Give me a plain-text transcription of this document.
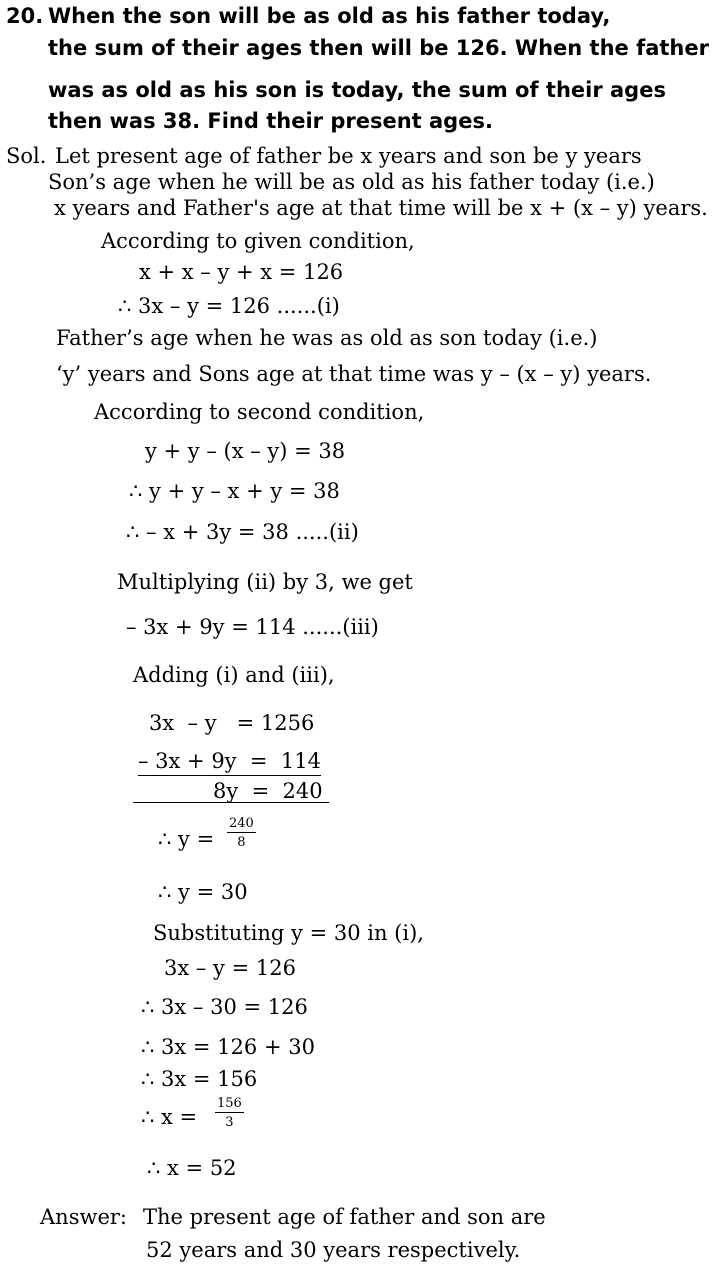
20. When the son will be as old as his father today,
the sum of their ages then will be 126. When the father
was as old as his son is today, the sum of their ages
then was 38. Find their present ages.
Sol. Let present age of father be x years and son be y years
Son’s age when he will be as old as his father today (i.e.)
x years and Father's age at that time will be x + (x – y) years.
According to given condition,
x + x – y + x = 126
∴ 3x – y = 126 ......(i)
Father’s age when he was as old as son today (i.e.)
‘y’ years and Sons age at that time was y – (x – y) years.
According to second condition,
y + y – (x – y) = 38
∴ y + y – x + y = 38
∴ – x + 3y = 38 .....(ii)
Multiplying (ii) by 3, we get
– 3x + 9y = 114 ......(iii)
Adding (i) and (iii),
3x  – y   = 1256
– 3x + 9y  =  114
8y  =  240
∴ $y = \frac{240}{8}$
∴ y = 30
Substituting y = 30 in (i),
3x – y = 126
∴ 3x – 30 = 126
∴ 3x = 126 + 30
∴ 3x = 156
∴ $x = \frac{156}{3}$
∴ x = 52
Answer: The present age of father and son are
52 years and 30 years respectively.
